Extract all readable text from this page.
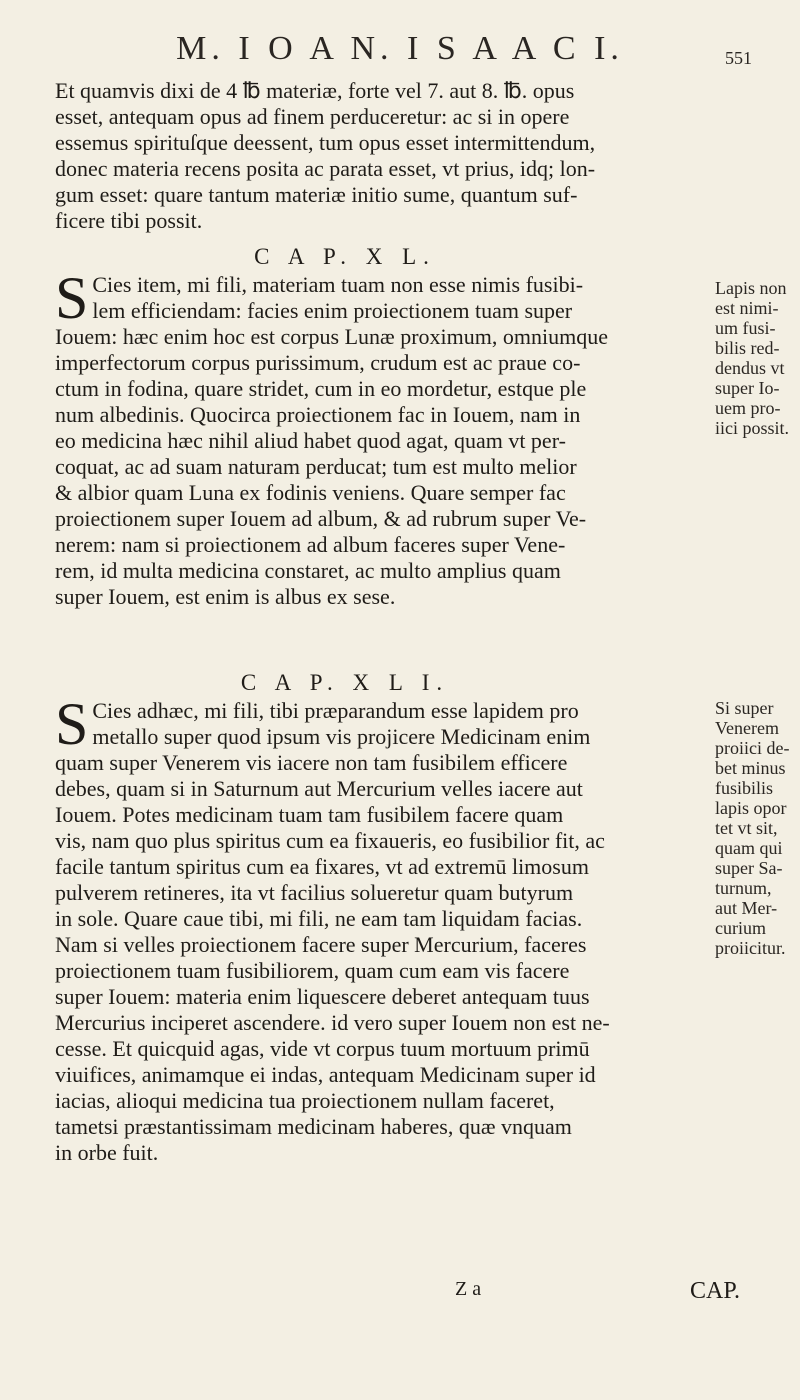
M. I O A N. I S A A C I.	551
Et quamvis dixi de 4 ℔ materiæ, forte vel 7. aut 8. ℔. opus
esset, antequam opus ad finem perduceretur: ac si in opere
essemus spirituſque deessent, tum opus esset intermittendum,
donec materia recens posita ac parata esset, vt prius, idq; lon-
gum esset: quare tantum materiæ initio sume, quantum suf-
ficere tibi possit.
C A P. X L.
S Cies item, mi fili, materiam tuam non esse nimis fusibi-
lem efficiendam: facies enim proiectionem tuam super
Iouem: hæc enim hoc est corpus Lunæ proximum, omniumque
imperfectorum corpus purissimum, crudum est ac praue co-
ctum in fodina, quare stridet, cum in eo mordetur, estque ple
num albedinis. Quocirca proiectionem fac in Iouem, nam in
eo medicina hæc nihil aliud habet quod agat, quam vt per-
coquat, ac ad suam naturam perducat; tum est multo melior
& albior quam Luna ex fodinis veniens. Quare semper fac
proiectionem super Iouem ad album, & ad rubrum super Ve-
nerem: nam si proiectionem ad album faceres super Vene-
rem, id multa medicina constaret, ac multo amplius quam
super Iouem, est enim is albus ex sese.
Lapis non
est nimi-
um fusi-
bilis red-
dendus vt
super Io-
uem pro-
iici possit.
C A P. X L I.
S Cies adhæc, mi fili, tibi præparandum esse lapidem pro
metallo super quod ipsum vis projicere Medicinam enim
quam super Venerem vis iacere non tam fusibilem efficere
debes, quam si in Saturnum aut Mercurium velles iacere aut
Iouem. Potes medicinam tuam tam fusibilem facere quam
vis, nam quo plus spiritus cum ea fixaueris, eo fusibilior fit, ac
facile tantum spiritus cum ea fixares, vt ad extremū limosum
pulverem retineres, ita vt facilius solueretur quam butyrum
in sole. Quare caue tibi, mi fili, ne eam tam liquidam facias.
Nam si velles proiectionem facere super Mercurium, faceres
proiectionem tuam fusibiliorem, quam cum eam vis facere
super Iouem: materia enim liquescere deberet antequam tuus
Mercurius inciperet ascendere. id vero super Iouem non est ne-
cesse. Et quicquid agas, vide vt corpus tuum mortuum primū
viuifices, animamque ei indas, antequam Medicinam super id
iacias, alioqui medicina tua proiectionem nullam faceret,
tametsi præstantissimam medicinam haberes, quæ vnquam
in orbe fuit.
Si super
Venerem
proiici de-
bet minus
fusibilis
lapis opor
tet vt sit,
quam qui
super Sa-
turnum,
aut Mer-
curium
proiicitur.
Z a	CAP.
